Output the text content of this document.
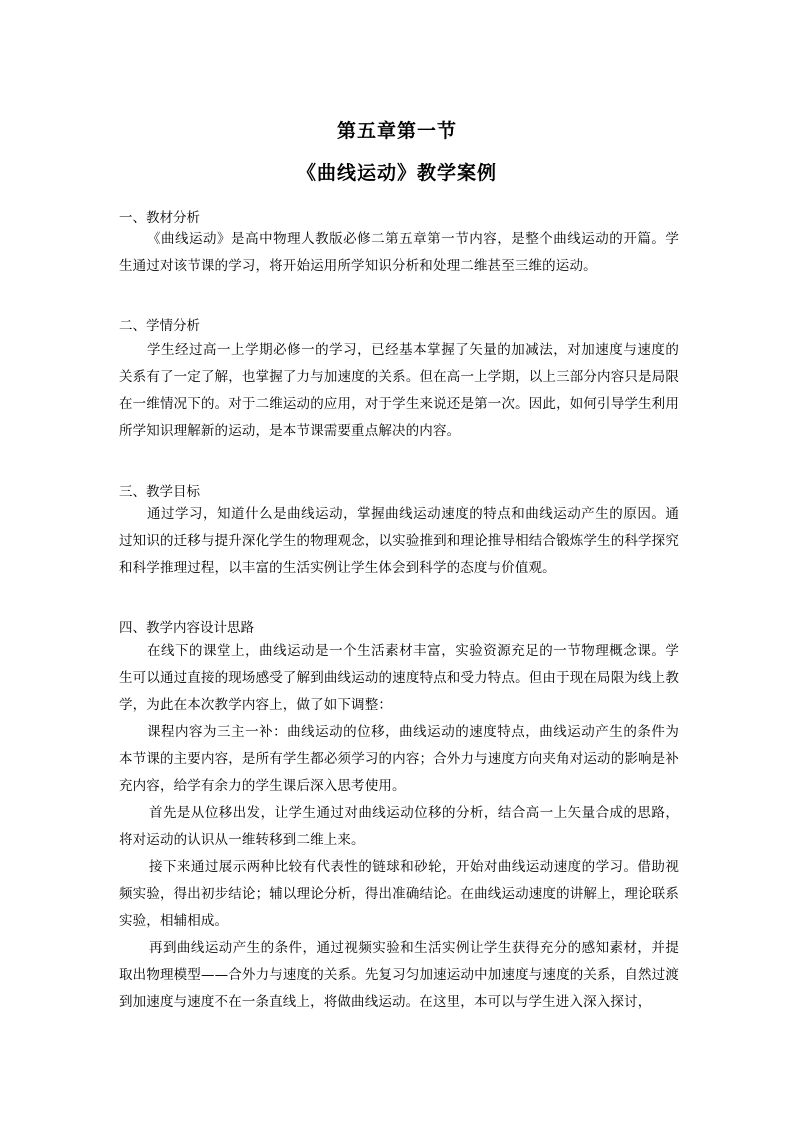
第五章第一节
《曲线运动》教学案例
一、教材分析
《曲线运动》是高中物理人教版必修二第五章第一节内容，是整个曲线运动的开篇。学生通过对该节课的学习，将开始运用所学知识分析和处理二维甚至三维的运动。
二、学情分析
学生经过高一上学期必修一的学习，已经基本掌握了矢量的加减法，对加速度与速度的关系有了一定了解，也掌握了力与加速度的关系。但在高一上学期，以上三部分内容只是局限在一维情况下的。对于二维运动的应用，对于学生来说还是第一次。因此，如何引导学生利用所学知识理解新的运动，是本节课需要重点解决的内容。
三、教学目标
通过学习，知道什么是曲线运动，掌握曲线运动速度的特点和曲线运动产生的原因。通过知识的迁移与提升深化学生的物理观念，以实验推到和理论推导相结合锻炼学生的科学探究和科学推理过程，以丰富的生活实例让学生体会到科学的态度与价值观。
四、教学内容设计思路
在线下的课堂上，曲线运动是一个生活素材丰富，实验资源充足的一节物理概念课。学生可以通过直接的现场感受了解到曲线运动的速度特点和受力特点。但由于现在局限为线上教学，为此在本次教学内容上，做了如下调整：
课程内容为三主一补：曲线运动的位移，曲线运动的速度特点，曲线运动产生的条件为本节课的主要内容，是所有学生都必须学习的内容；合外力与速度方向夹角对运动的影响是补充内容，给学有余力的学生课后深入思考使用。
首先是从位移出发，让学生通过对曲线运动位移的分析，结合高一上矢量合成的思路，将对运动的认识从一维转移到二维上来。
接下来通过展示两种比较有代表性的链球和砂轮，开始对曲线运动速度的学习。借助视频实验，得出初步结论；辅以理论分析，得出准确结论。在曲线运动速度的讲解上，理论联系实验，相辅相成。
再到曲线运动产生的条件，通过视频实验和生活实例让学生获得充分的感知素材，并提取出物理模型——合外力与速度的关系。先复习匀加速运动中加速度与速度的关系，自然过渡到加速度与速度不在一条直线上，将做曲线运动。在这里，本可以与学生进入深入探讨，
